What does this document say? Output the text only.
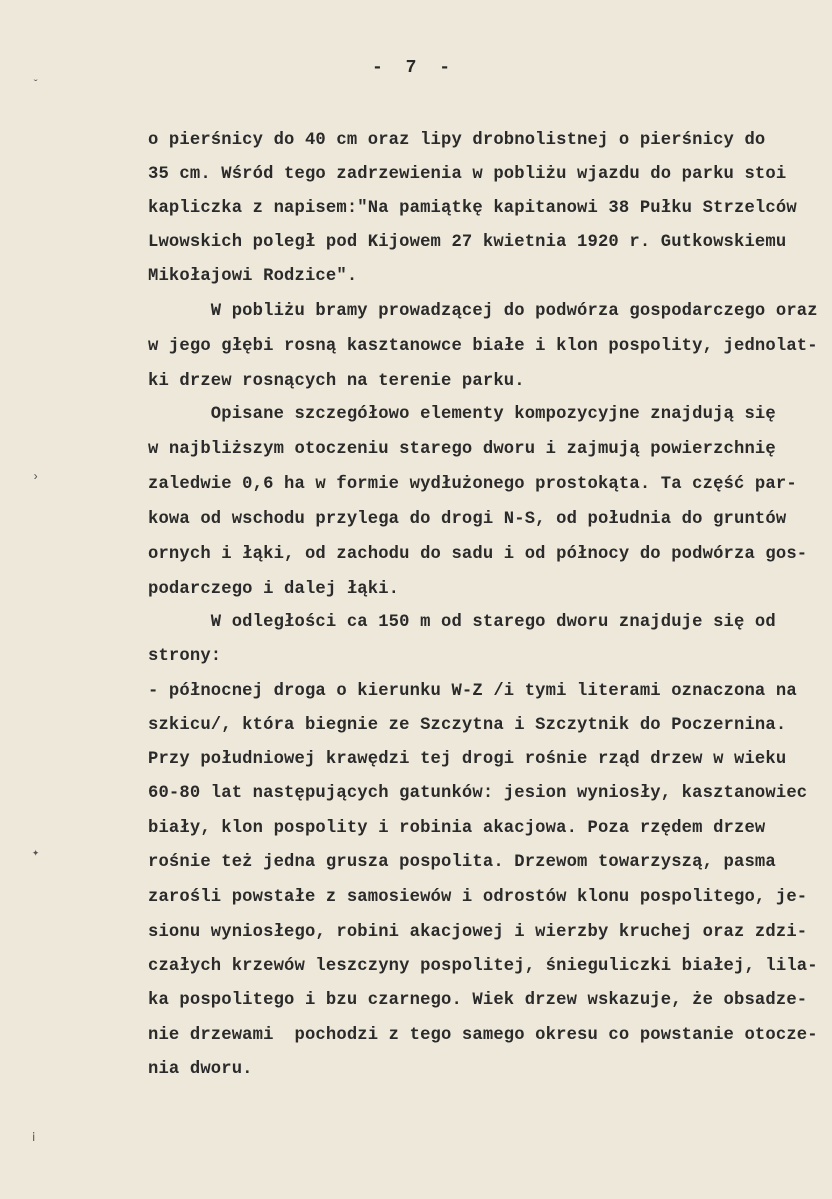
ˇ
›
✦
ⅰ
- 7 -
o pierśnicy do 40 cm oraz lipy drobnolistnej o pierśnicy do
35 cm. Wśród tego zadrzewienia w pobliżu wjazdu do parku stoi
kapliczka z napisem:"Na pamiątkę kapitanowi 38 Pułku Strzelców
Lwowskich poległ pod Kijowem 27 kwietnia 1920 r. Gutkowskiemu
Mikołajowi Rodzice".
W pobliżu bramy prowadzącej do podwórza gospodarczego oraz
w jego głębi rosną kasztanowce białe i klon pospolity, jednolat-
ki drzew rosnących na terenie parku.
Opisane szczegółowo elementy kompozycyjne znajdują się
w najbliższym otoczeniu starego dworu i zajmują powierzchnię
zaledwie 0,6 ha w formie wydłużonego prostokąta. Ta część par-
kowa od wschodu przylega do drogi N-S, od południa do gruntów
ornych i łąki, od zachodu do sadu i od północy do podwórza gos-
podarczego i dalej łąki.
W odległości ca 150 m od starego dworu znajduje się od
strony:
- północnej droga o kierunku W-Z /i tymi literami oznaczona na
szkicu/, która biegnie ze Szczytna i Szczytnik do Poczernina.
Przy południowej krawędzi tej drogi rośnie rząd drzew w wieku
60-80 lat następujących gatunków: jesion wyniosły, kasztanowiec
biały, klon pospolity i robinia akacjowa. Poza rzędem drzew
rośnie też jedna grusza pospolita. Drzewom towarzyszą, pasma
zarośli powstałe z samosiewów i odrostów klonu pospolitego, je-
sionu wyniosłego, robini akacjowej i wierzby kruchej oraz zdzi-
czałych krzewów leszczyny pospolitej, śnieguliczki białej, lila-
ka pospolitego i bzu czarnego. Wiek drzew wskazuje, że obsadze-
nie drzewami  pochodzi z tego samego okresu co powstanie otocze-
nia dworu.
